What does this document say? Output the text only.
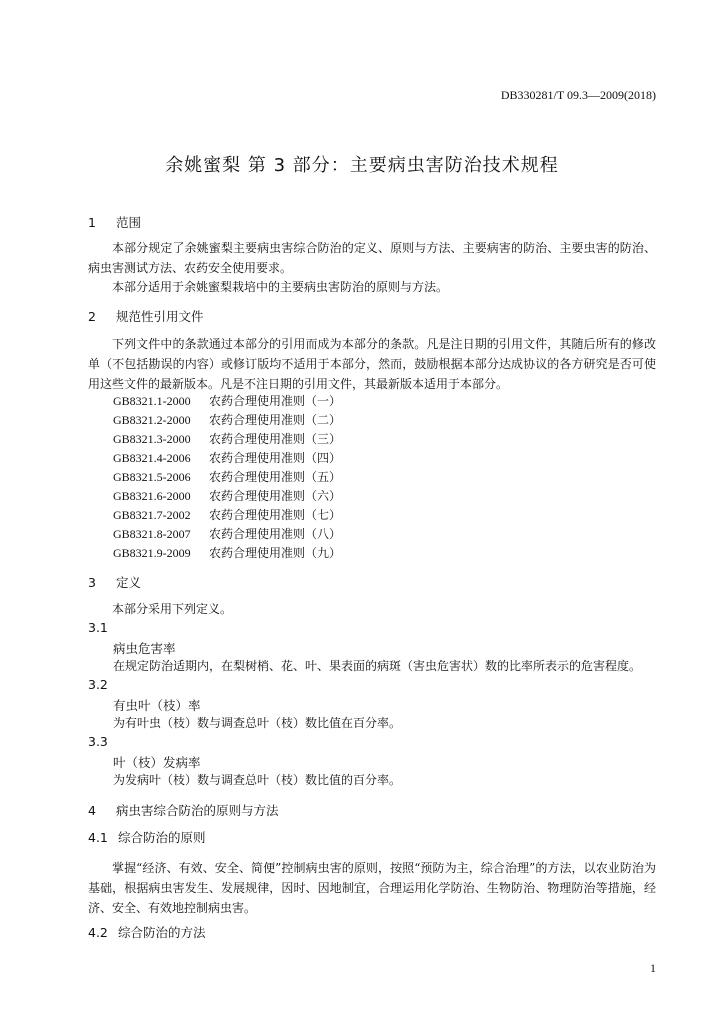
DB330281/T 09.3—2009(2018)
余姚蜜梨 第 3 部分：主要病虫害防治技术规程
1 范围
本部分规定了余姚蜜梨主要病虫害综合防治的定义、原则与方法、主要病害的防治、主要虫害的防治、病虫害测试方法、农药安全使用要求。
本部分适用于余姚蜜梨栽培中的主要病虫害防治的原则与方法。
2 规范性引用文件
下列文件中的条款通过本部分的引用而成为本部分的条款。凡是注日期的引用文件，其随后所有的修改单（不包括勘误的内容）或修订版均不适用于本部分，然而，鼓励根据本部分达成协议的各方研究是否可使用这些文件的最新版本。凡是不注日期的引用文件，其最新版本适用于本部分。
GB8321.1-2000 农药合理使用准则（一）
GB8321.2-2000 农药合理使用准则（二）
GB8321.3-2000 农药合理使用准则（三）
GB8321.4-2006 农药合理使用准则（四）
GB8321.5-2006 农药合理使用准则（五）
GB8321.6-2000 农药合理使用准则（六）
GB8321.7-2002 农药合理使用准则（七）
GB8321.8-2007 农药合理使用准则（八）
GB8321.9-2009 农药合理使用准则（九）
3 定义
本部分采用下列定义。
3.1
病虫危害率
在规定防治适期内，在梨树梢、花、叶、果表面的病斑（害虫危害状）数的比率所表示的危害程度。
3.2
有虫叶（枝）率
为有叶虫（枝）数与调查总叶（枝）数比值在百分率。
3.3
叶（枝）发病率
为发病叶（枝）数与调查总叶（枝）数比值的百分率。
4 病虫害综合防治的原则与方法
4.1 综合防治的原则
掌握“经济、有效、安全、简便”控制病虫害的原则，按照“预防为主，综合治理”的方法，以农业防治为基础，根据病虫害发生、发展规律，因时、因地制宜，合理运用化学防治、生物防治、物理防治等措施，经济、安全、有效地控制病虫害。
4.2 综合防治的方法
1
